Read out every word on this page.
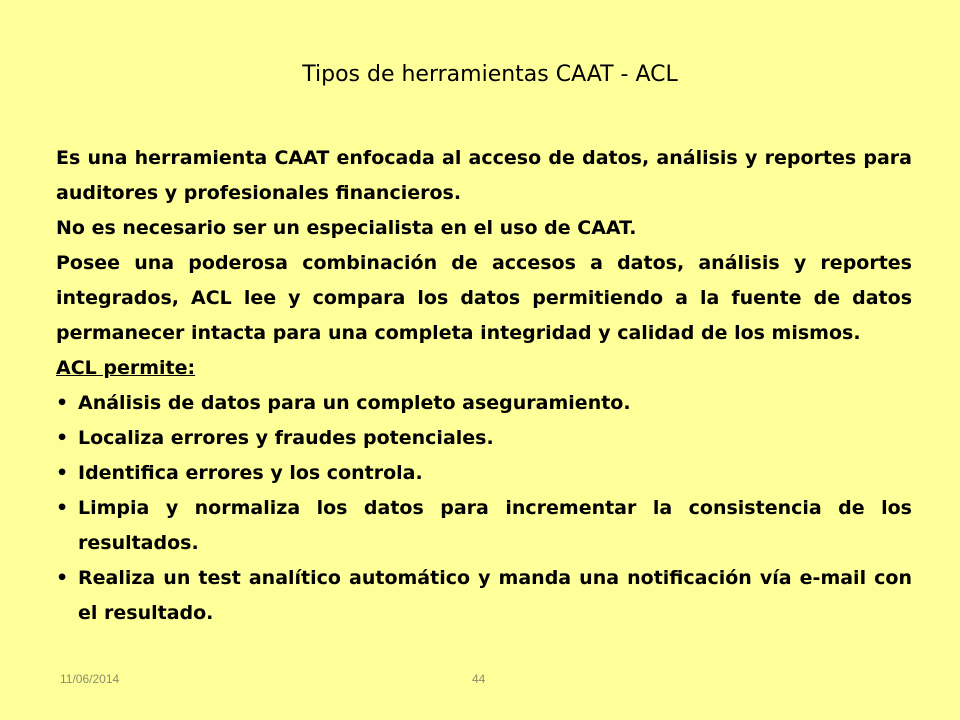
Tipos de herramientas CAAT - ACL

Es una herramienta CAAT enfocada al acceso de datos, análisis y reportes para auditores y profesionales financieros.

No es necesario ser un especialista en el uso de CAAT.

Posee una poderosa combinación de accesos a datos, análisis y reportes integrados, ACL lee y compara los datos permitiendo a la fuente de datos permanecer intacta para una completa integridad y calidad de los mismos.

ACL permite:

• Análisis de datos para un completo aseguramiento.
• Localiza errores y fraudes potenciales.
• Identifica errores y los controla.
• Limpia y normaliza los datos para incrementar la consistencia de los resultados.
• Realiza un test analítico automático y manda una notificación vía e-mail con el resultado.
11/06/2014	44
